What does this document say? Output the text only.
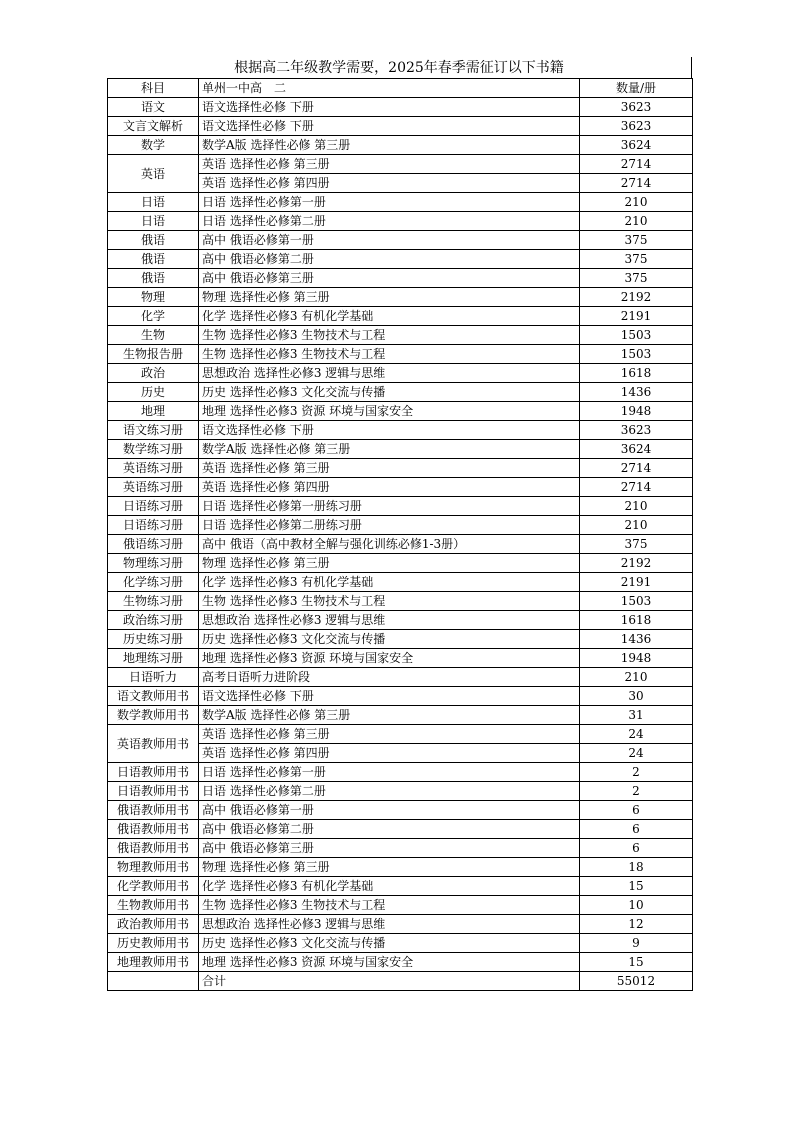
根据高二年级教学需要，2025年春季需征订以下书籍
科目	单州一中高　二	数量/册
语文	语文选择性必修 下册	3623
文言文解析	语文选择性必修 下册	3623
数学	数学A版 选择性必修 第三册	3624
英语	英语 选择性必修 第三册	2714
	英语 选择性必修 第四册	2714
日语	日语 选择性必修第一册	210
日语	日语 选择性必修第二册	210
俄语	高中 俄语必修第一册	375
俄语	高中 俄语必修第二册	375
俄语	高中 俄语必修第三册	375
物理	物理 选择性必修 第三册	2192
化学	化学 选择性必修3 有机化学基础	2191
生物	生物 选择性必修3 生物技术与工程	1503
生物报告册	生物 选择性必修3 生物技术与工程	1503
政治	思想政治 选择性必修3 逻辑与思维	1618
历史	历史 选择性必修3 文化交流与传播	1436
地理	地理 选择性必修3 资源 环境与国家安全	1948
语文练习册	语文选择性必修 下册	3623
数学练习册	数学A版 选择性必修 第三册	3624
英语练习册	英语 选择性必修 第三册	2714
英语练习册	英语 选择性必修 第四册	2714
日语练习册	日语 选择性必修第一册练习册	210
日语练习册	日语 选择性必修第二册练习册	210
俄语练习册	高中 俄语（高中教材全解与强化训练必修1-3册）	375
物理练习册	物理 选择性必修 第三册	2192
化学练习册	化学 选择性必修3 有机化学基础	2191
生物练习册	生物 选择性必修3 生物技术与工程	1503
政治练习册	思想政治 选择性必修3 逻辑与思维	1618
历史练习册	历史 选择性必修3 文化交流与传播	1436
地理练习册	地理 选择性必修3 资源 环境与国家安全	1948
日语听力	高考日语听力进阶段	210
语文教师用书	语文选择性必修 下册	30
数学教师用书	数学A版 选择性必修 第三册	31
英语教师用书	英语 选择性必修 第三册	24
	英语 选择性必修 第四册	24
日语教师用书	日语 选择性必修第一册	2
日语教师用书	日语 选择性必修第二册	2
俄语教师用书	高中 俄语必修第一册	6
俄语教师用书	高中 俄语必修第二册	6
俄语教师用书	高中 俄语必修第三册	6
物理教师用书	物理 选择性必修 第三册	18
化学教师用书	化学 选择性必修3 有机化学基础	15
生物教师用书	生物 选择性必修3 生物技术与工程	10
政治教师用书	思想政治 选择性必修3 逻辑与思维	12
历史教师用书	历史 选择性必修3 文化交流与传播	9
地理教师用书	地理 选择性必修3 资源 环境与国家安全	15
	合计	55012
